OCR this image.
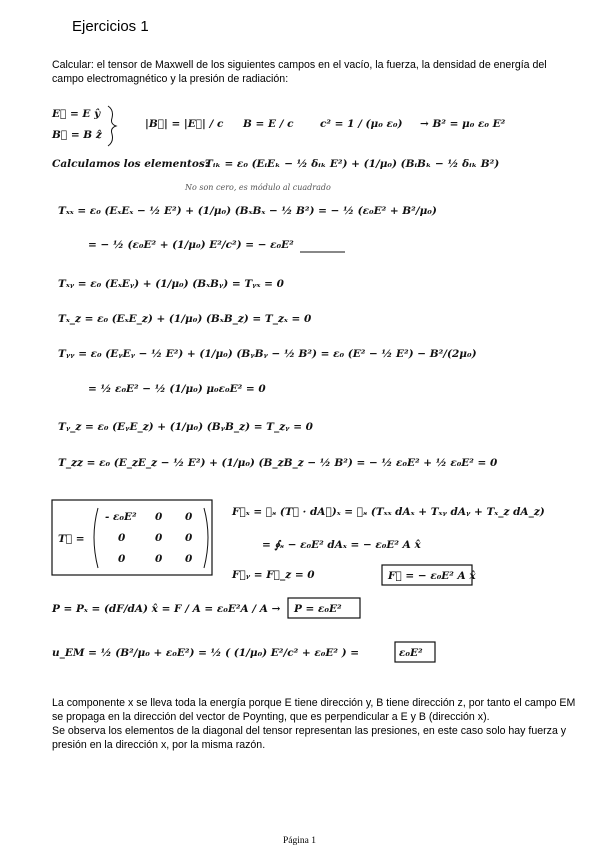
Ejercicios 1
Calcular: el tensor de Maxwell de los siguientes campos en el vacío, la fuerza, la densidad de energía del campo electromagnético y la presión de radiación:
E⃗ = E ŷ
B⃗ = B ẑ
|B⃗| = |E⃗| / c B = E / c	c² = 1 / (μ₀ ε₀) → B² = μ₀ ε₀ E²
Calculamos los elementos:
Tᵢₖ = ε₀ (EᵢEₖ − ½ δᵢₖ E²) + (1/μ₀) (BᵢBₖ − ½ δᵢₖ B²)
No son cero, es módulo al cuadrado
Tₓₓ = ε₀ (EₓEₓ − ½ E²) + (1/μ₀) (BₓBₓ − ½ B²) = − ½ (ε₀E² + B²/μ₀)
= − ½ (ε₀E² + (1/μ₀) E²/c²) = − ε₀E²
Tₓᵧ = ε₀ (EₓEᵧ) + (1/μ₀) (BₓBᵧ) = Tᵧₓ = 0
Tₓ_z = ε₀ (EₓE_z) + (1/μ₀) (BₓB_z) = T_zₓ = 0
Tᵧᵧ = ε₀ (EᵧEᵧ − ½ E²) + (1/μ₀) (BᵧBᵧ − ½ B²) = ε₀ (E² − ½ E²) − B²/(2μ₀)
= ½ ε₀E² − ½ (1/μ₀) μ₀ε₀E² = 0
Tᵧ_z = ε₀ (EᵧE_z) + (1/μ₀) (BᵧB_z) = T_zᵧ = 0
T_zz = ε₀ (E_zE_z − ½ E²) + (1/μ₀) (B_zB_z − ½ B²) = − ½ ε₀E² + ½ ε₀E² = 0
T⃡ =
- ε₀E² 0 0
0	0 0
0	0 0
F⃗ₓ = ∮ₛ (T⃡ · dA⃗)ₓ = ∮ₛ (Tₓₓ dAₓ + Tₓᵧ dAᵧ + Tₓ_z dA_z)
= ∮ₛ − ε₀E² dAₓ = − ε₀E² A x̂
F⃗ᵧ = F⃗_z = 0	F⃗ = − ε₀E² A x̂
P = Pₓ = (dF/dA) x̂ = F / A = ε₀E²A / A → P = ε₀E²
u_EM = ½ (B²/μ₀ + ε₀E²) = ½ ( (1/μ₀) E²/c² + ε₀E² ) =	ε₀E²
La componente x se lleva toda la energía porque E tiene dirección y, B tiene dirección z, por tanto el campo EM se propaga en la dirección del vector de Poynting, que es perpendicular a E y B (dirección x).
Se observa los elementos de la diagonal del tensor representan las presiones, en este caso solo hay fuerza y presión en la dirección x, por la misma razón.
Página 1
